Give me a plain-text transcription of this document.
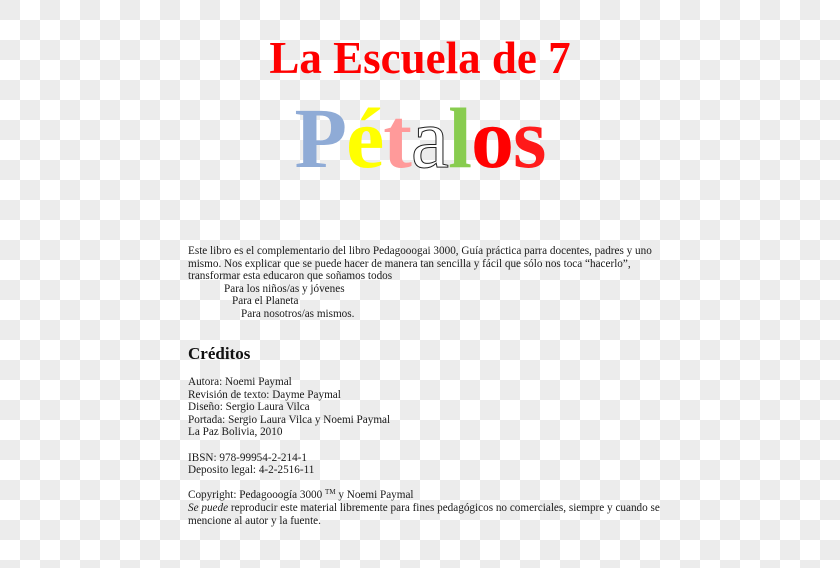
La Escuela de 7
Pétalos

Este libro es el complementario del libro Pedagooogai 3000, Guía práctica parra docentes, padres y uno

mismo. Nos explicar que se puede hacer de manera tan sencilla y fácil que sólo nos toca “hacerlo”,

transformar esta educaron que soñamos todos

Para los niños/as y jóvenes

Para el Planeta

Para nosotros/as mismos.

Créditos

Autora: Noemi Paymal

Revisión de texto: Dayme Paymal

Diseño: Sergio Laura Vilca

Portada: Sergio Laura Vilca y Noemi Paymal

La Paz Bolivia, 2010

IBSN: 978-99954-2-214-1

Deposito legal: 4-2-2516-11

Copyright: Pedagooogía 3000 ™ y Noemi Paymal

Se puede reproducir este material libremente para fines pedagógicos no comerciales, siempre y cuando se

mencione al autor y la fuente.
